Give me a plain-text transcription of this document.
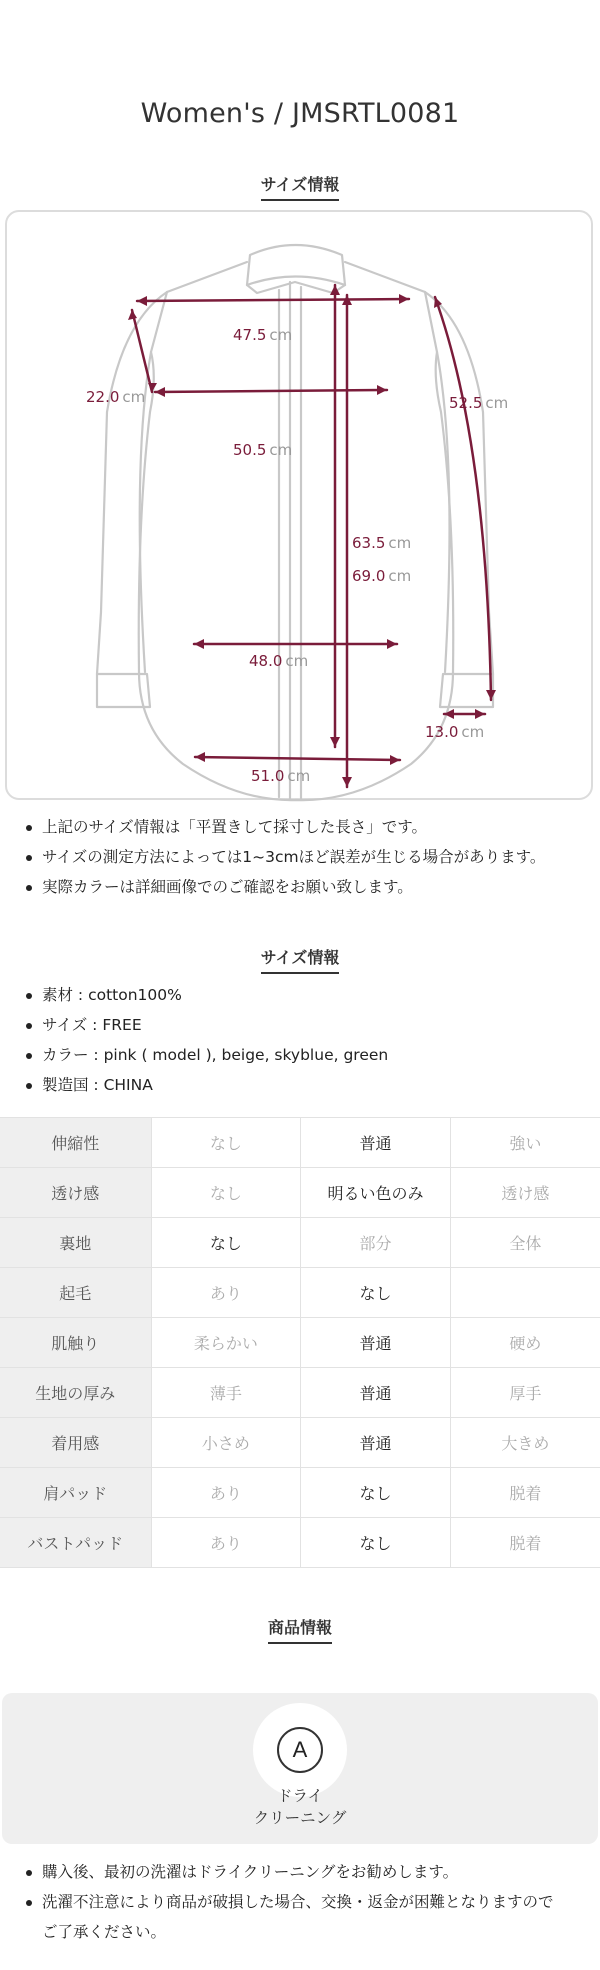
Women's / JMSRTL0081
サイズ情報
47.5 cm
22.0 cm
50.5 cm
52.5 cm
63.5 cm
69.0 cm
48.0 cm
13.0 cm
51.0 cm
上記のサイズ情報は「平置きして採寸した長さ」です。
サイズの測定方法によっては1~3cmほど誤差が生じる場合があります。
実際カラーは詳細画像でのご確認をお願い致します。
サイズ情報
素材 : cotton100%
サイズ : FREE
カラー : pink ( model ), beige, skyblue, green
製造国 : CHINA
伸縮性	なし	普通	強い
透け感	なし	明るい色のみ	透け感
裏地	なし	部分	全体
起毛	あり	なし	
肌触り	柔らかい	普通	硬め
生地の厚み	薄手	普通	厚手
着用感	小さめ	普通	大きめ
肩パッド	あり	なし	脱着
バストパッド	あり	なし	脱着
商品情報
A
ドライ
クリーニング
購入後、最初の洗濯はドライクリーニングをお勧めします。
洗濯不注意により商品が破損した場合、交換・返金が困難となりますので
ご了承ください。
